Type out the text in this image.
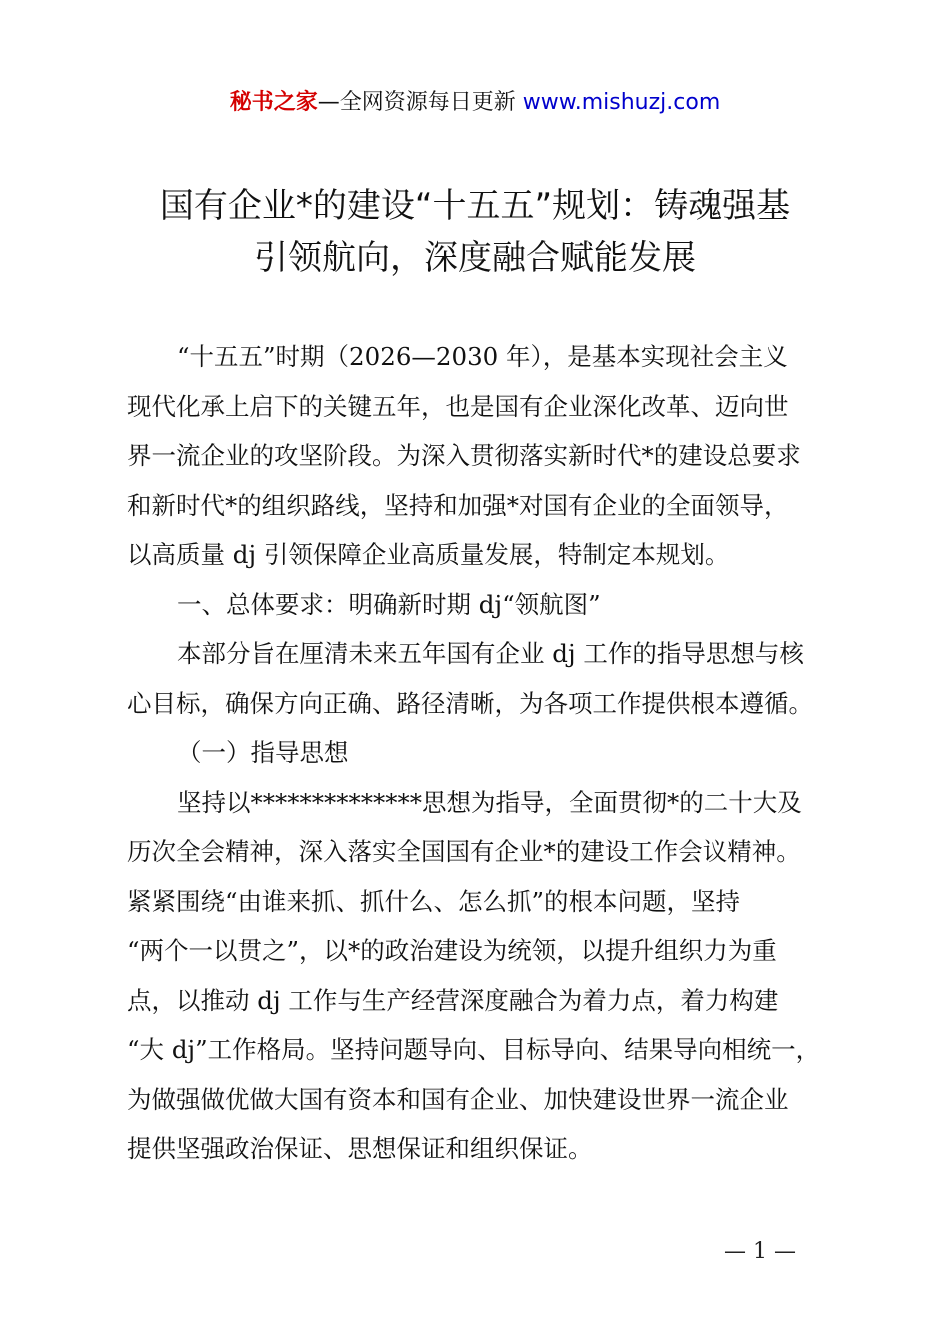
秘书之家—全网资源每日更新 www.mishuzj.com
国有企业*的建设“十五五”规划：铸魂强基
引领航向，深度融合赋能发展
“十五五”时期（2026—2030 年），是基本实现社会主义
现代化承上启下的关键五年，也是国有企业深化改革、迈向世
界一流企业的攻坚阶段。为深入贯彻落实新时代*的建设总要求
和新时代*的组织路线，坚持和加强*对国有企业的全面领导，
以高质量 dj 引领保障企业高质量发展，特制定本规划。
一、总体要求：明确新时期 dj“领航图”
本部分旨在厘清未来五年国有企业 dj 工作的指导思想与核
心目标，确保方向正确、路径清晰，为各项工作提供根本遵循。
（一）指导思想
坚持以**************思想为指导，全面贯彻*的二十大及
历次全会精神，深入落实全国国有企业*的建设工作会议精神。
紧紧围绕“由谁来抓、抓什么、怎么抓”的根本问题，坚持
“两个一以贯之”，以*的政治建设为统领，以提升组织力为重
点，以推动 dj 工作与生产经营深度融合为着力点，着力构建
“大 dj”工作格局。坚持问题导向、目标导向、结果导向相统一，
为做强做优做大国有资本和国有企业、加快建设世界一流企业
提供坚强政治保证、思想保证和组织保证。
— 1 —
